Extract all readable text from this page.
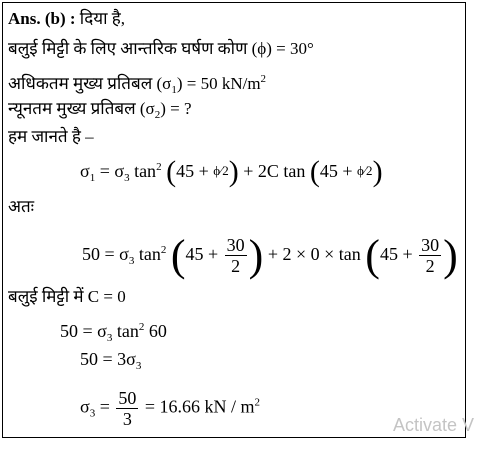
Ans. (b) : दिया है,
बलुई मिट्टी के लिए आन्तरिक घर्षण कोण (ϕ) = 30°
अधिकतम मुख्य प्रतिबल $(\sigma_1) = 50$ $kN/m^2$
न्यूनतम मुख्य प्रतिबल $(\sigma_2)$ = ?
हम जानते है –
$\sigma_1 = \sigma_3$ $\tan^2 (45$ + ϕ⁄2) + 2C tan (45 + ϕ⁄2)
अतः
$50 = \sigma_3$ $\tan^2 (45 + \frac{30}{2}$ ) + $2 \times 0 \times \tan (45 + \frac{30}{2}$ )
बलुई मिट्टी में C = 0
$50 = \sigma_3$ $\tan^2 60$
$50 = 3\sigma_3$
$\sigma_3 = \frac{50}{3} = 16.66$ kN / $m^2$
Activate V
